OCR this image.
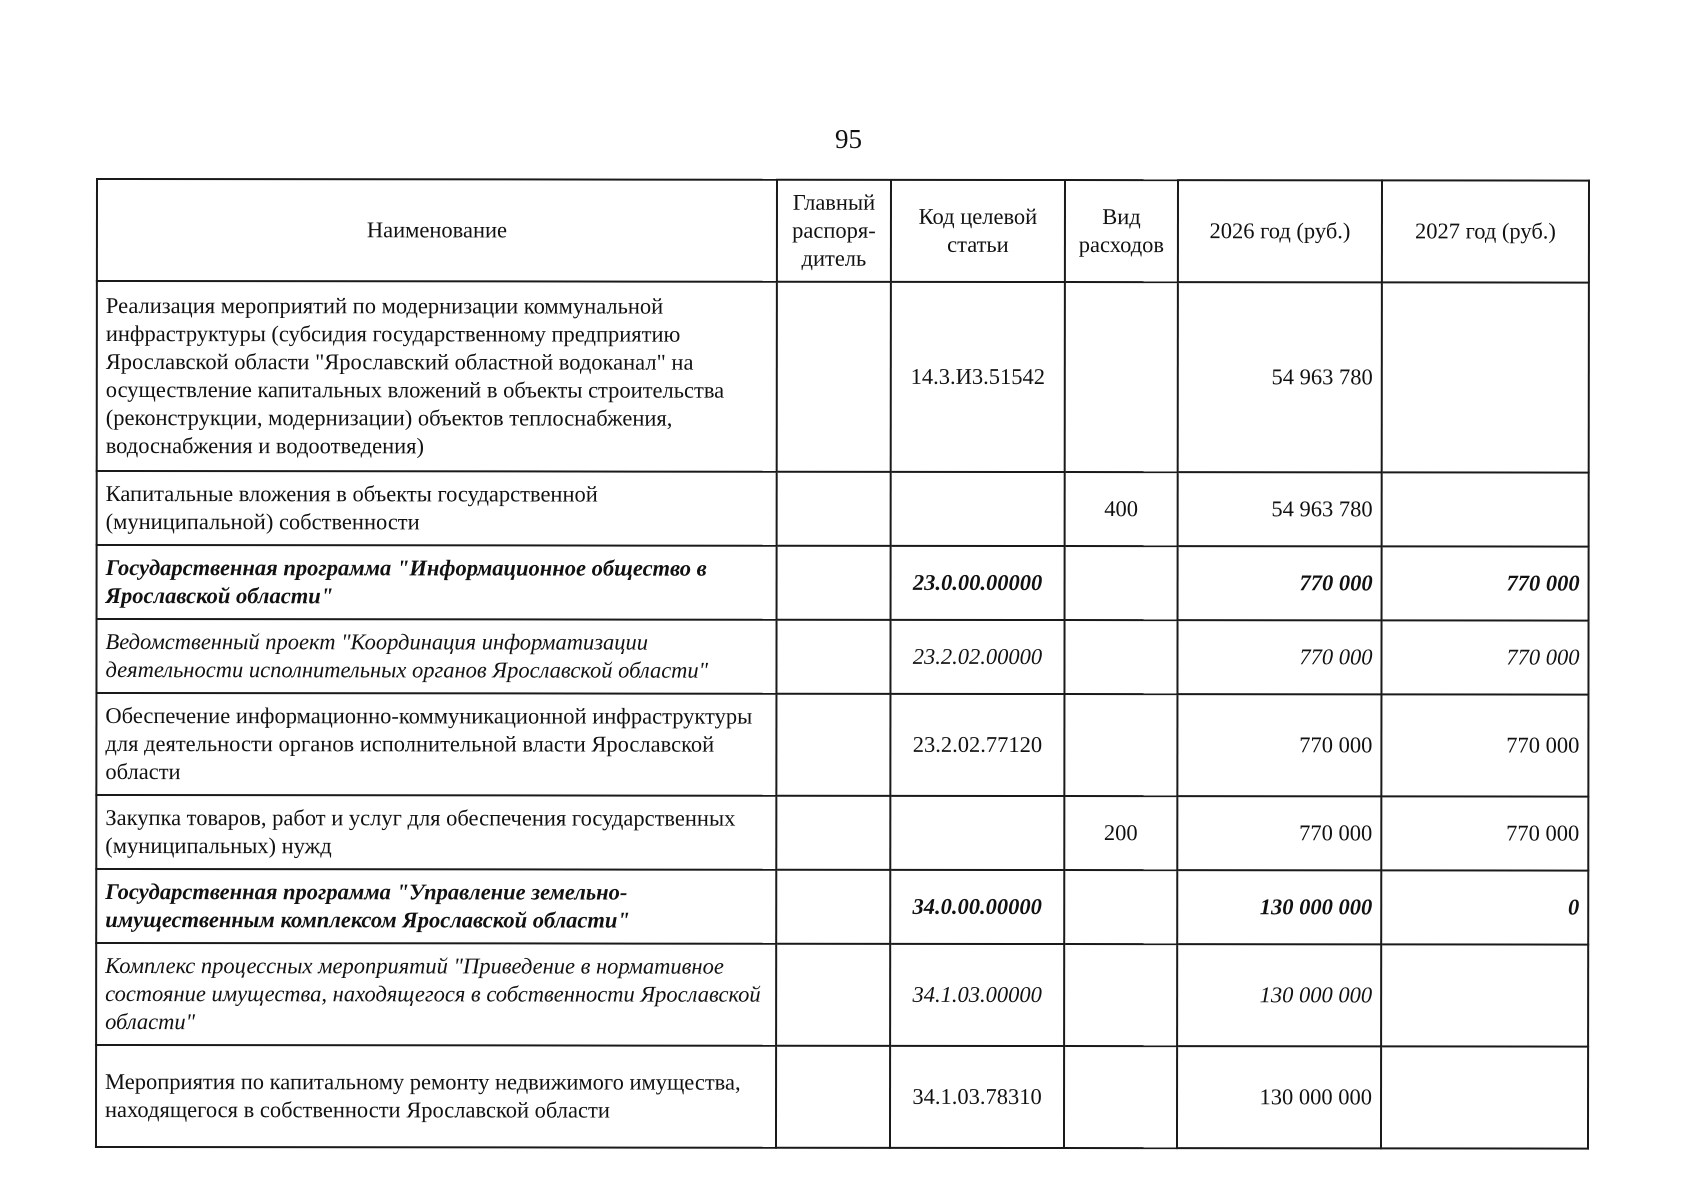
95
Наименование	Главный распоря-дитель	Код целевой статьи	Вид расходов	2026 год (руб.)	2027 год (руб.)
Реализация мероприятий по модернизации коммунальной инфраструктуры (субсидия государственному предприятию Ярославской области "Ярославский областной водоканал" на осуществление капитальных вложений в объекты строительства (реконструкции, модернизации) объектов теплоснабжения, водоснабжения и водоотведения)		14.3.И3.51542		54 963 780	
Капитальные вложения в объекты государственной (муниципальной) собственности			400	54 963 780	
Государственная программа "Информационное общество в Ярославской области"		23.0.00.00000		770 000	770 000
Ведомственный проект "Координация информатизации деятельности исполнительных органов Ярославской области"		23.2.02.00000		770 000	770 000
Обеспечение информационно-коммуникационной инфраструктуры для деятельности органов исполнительной власти Ярославской области		23.2.02.77120		770 000	770 000
Закупка товаров, работ и услуг для обеспечения государственных (муниципальных) нужд			200	770 000	770 000
Государственная программа "Управление земельно-имущественным комплексом Ярославской области"		34.0.00.00000		130 000 000	0
Комплекс процессных мероприятий "Приведение в нормативное состояние имущества, находящегося в собственности Ярославской области"		34.1.03.00000		130 000 000	
Мероприятия по капитальному ремонту недвижимого имущества, находящегося в собственности Ярославской области		34.1.03.78310		130 000 000	
